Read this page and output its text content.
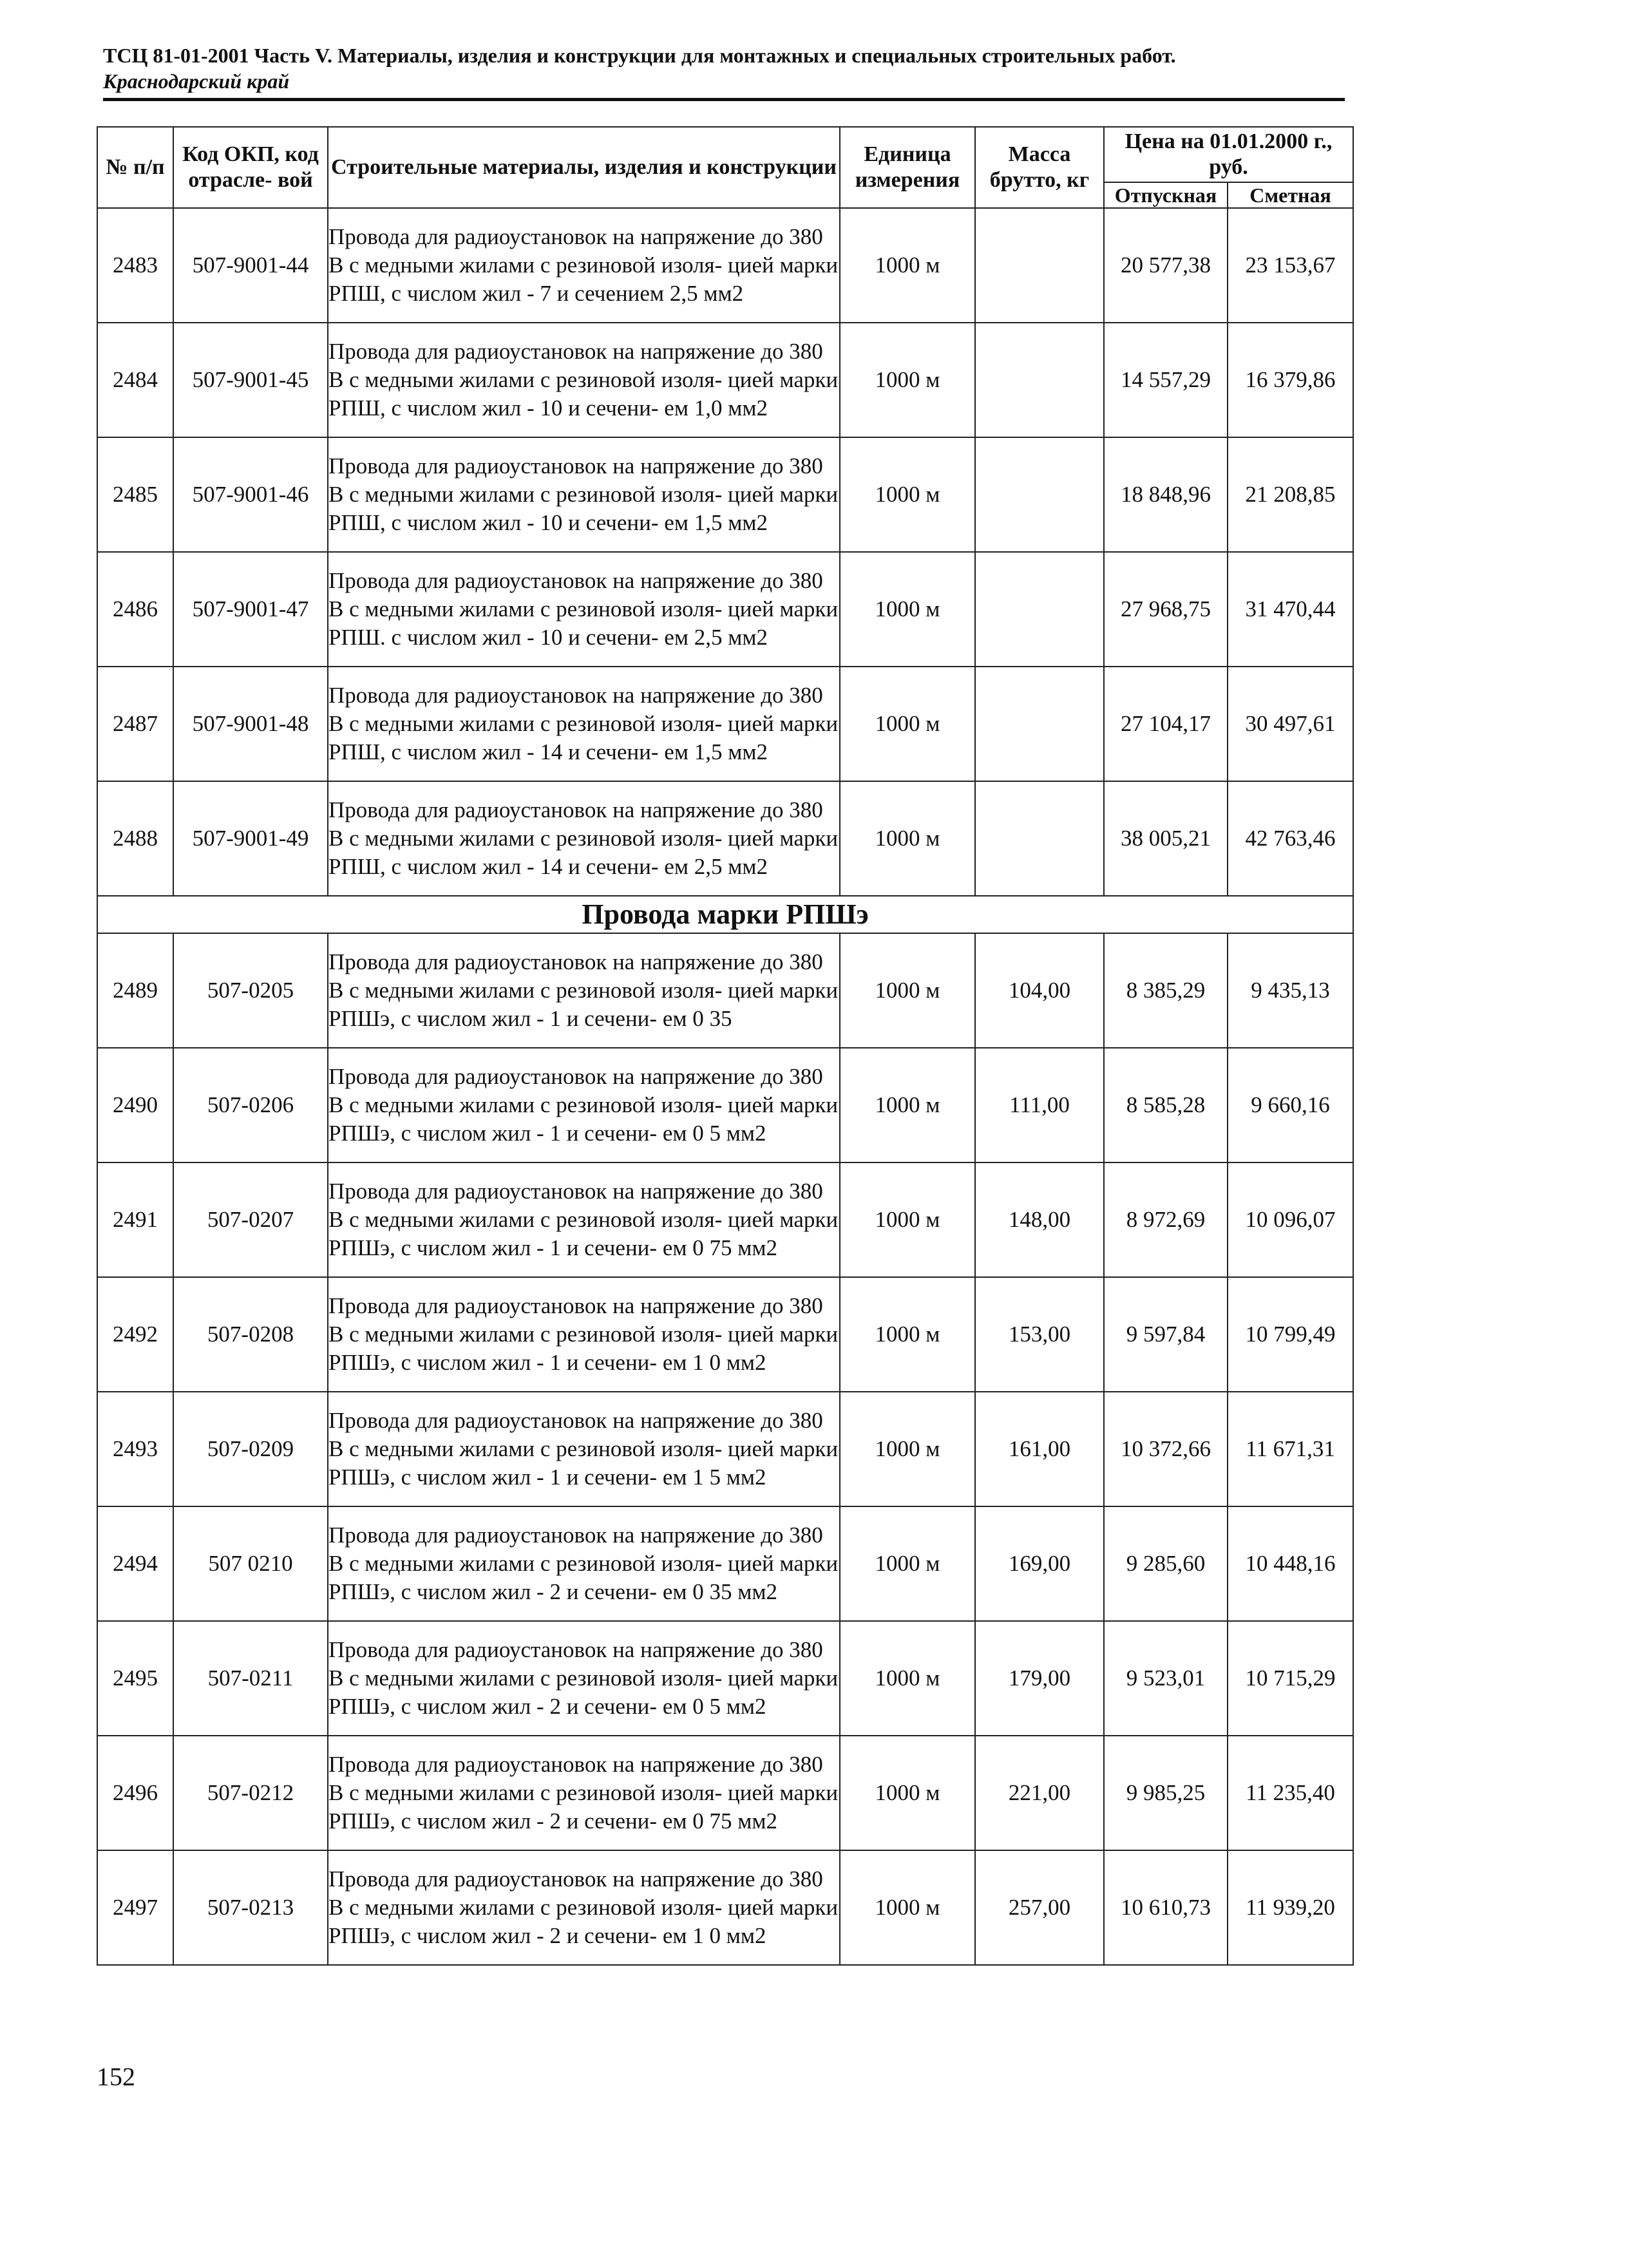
ТСЦ 81-01-2001 Часть V. Материалы, изделия и конструкции для монтажных и специальных строительных работ.
Краснодарский край
№ п/п	Код ОКП, код отрасле- вой	Строительные материалы, изделия и конструкции	Единица измерения	Масса брутто, кг	Цена на 01.01.2000 г., руб.	
					Отпускная	Сметная
2483	507-9001-44	Провода для радиоустановок на напряжение до 380 В с медными жилами с резиновой изоля- цией марки РПШ, с числом жил - 7 и сечением 2,5 мм2	1000 м		20 577,38	23 153,67
2484	507-9001-45	Провода для радиоустановок на напряжение до 380 В с медными жилами с резиновой изоля- цией марки РПШ, с числом жил - 10 и сечени- ем 1,0 мм2	1000 м		14 557,29	16 379,86
2485	507-9001-46	Провода для радиоустановок на напряжение до 380 В с медными жилами с резиновой изоля- цией марки РПШ, с числом жил - 10 и сечени- ем 1,5 мм2	1000 м		18 848,96	21 208,85
2486	507-9001-47	Провода для радиоустановок на напряжение до 380 В с медными жилами с резиновой изоля- цией марки РПШ. с числом жил - 10 и сечени- ем 2,5 мм2	1000 м		27 968,75	31 470,44
2487	507-9001-48	Провода для радиоустановок на напряжение до 380 В с медными жилами с резиновой изоля- цией марки РПШ, с числом жил - 14 и сечени- ем 1,5 мм2	1000 м		27 104,17	30 497,61
2488	507-9001-49	Провода для радиоустановок на напряжение до 380 В с медными жилами с резиновой изоля- цией марки РПШ, с числом жил - 14 и сечени- ем 2,5 мм2	1000 м		38 005,21	42 763,46
Провода марки РПШэ						
2489	507-0205	Провода для радиоустановок на напряжение до 380 В с медными жилами с резиновой изоля- цией марки РПШэ, с числом жил - 1 и сечени- ем 0 35	1000 м	104,00	8 385,29	9 435,13
2490	507-0206	Провода для радиоустановок на напряжение до 380 В с медными жилами с резиновой изоля- цией марки РПШэ, с числом жил - 1 и сечени- ем 0 5 мм2	1000 м	111,00	8 585,28	9 660,16
2491	507-0207	Провода для радиоустановок на напряжение до 380 В с медными жилами с резиновой изоля- цией марки РПШэ, с числом жил - 1 и сечени- ем 0 75 мм2	1000 м	148,00	8 972,69	10 096,07
2492	507-0208	Провода для радиоустановок на напряжение до 380 В с медными жилами с резиновой изоля- цией марки РПШэ, с числом жил - 1 и сечени- ем 1 0 мм2	1000 м	153,00	9 597,84	10 799,49
2493	507-0209	Провода для радиоустановок на напряжение до 380 В с медными жилами с резиновой изоля- цией марки РПШэ, с числом жил - 1 и сечени- ем 1 5 мм2	1000 м	161,00	10 372,66	11 671,31
2494	507 0210	Провода для радиоустановок на напряжение до 380 В с медными жилами с резиновой изоля- цией марки РПШэ, с числом жил - 2 и сечени- ем 0 35 мм2	1000 м	169,00	9 285,60	10 448,16
2495	507-0211	Провода для радиоустановок на напряжение до 380 В с медными жилами с резиновой изоля- цией марки РПШэ, с числом жил - 2 и сечени- ем 0 5 мм2	1000 м	179,00	9 523,01	10 715,29
2496	507-0212	Провода для радиоустановок на напряжение до 380 В с медными жилами с резиновой изоля- цией марки РПШэ, с числом жил - 2 и сечени- ем 0 75 мм2	1000 м	221,00	9 985,25	11 235,40
2497	507-0213	Провода для радиоустановок на напряжение до 380 В с медными жилами с резиновой изоля- цией марки РПШэ, с числом жил - 2 и сечени- ем 1 0 мм2	1000 м	257,00	10 610,73	11 939,20
152
